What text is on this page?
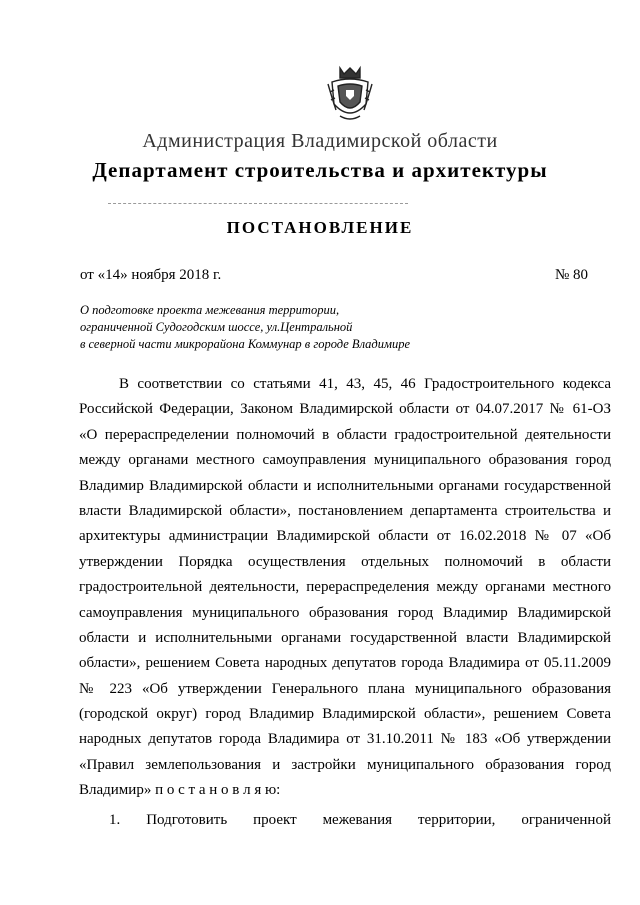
Администрация Владимирской области
Департамент строительства и архитектуры
ПОСТАНОВЛЕНИЕ
от «14» ноября 2018 г.	№ 80
О подготовке проекта межевания территории,
ограниченной Судогодским шоссе, ул.Центральной
в северной части микрорайона Коммунар в городе Владимире
В соответствии со статьями 41, 43, 45, 46 Градостроительного кодекса
Российской Федерации, Законом Владимирской области от 04.07.2017 № 61-ОЗ
«О перераспределении полномочий в области градостроительной деятельности
между органами местного самоуправления муниципального образования город
Владимир Владимирской области и исполнительными органами государственной
власти Владимирской области», постановлением департамента строительства и
архитектуры администрации Владимирской области от 16.02.2018 № 07 «Об
утверждении Порядка осуществления отдельных полномочий в области
градостроительной деятельности, перераспределения между органами местного
самоуправления муниципального образования город Владимир Владимирской
области и исполнительными органами государственной власти Владимирской
области», решением Совета народных депутатов города Владимира от 05.11.2009
№ 223 «Об утверждении Генерального плана муниципального образования
(городской округ) город Владимир Владимирской области», решением Совета
народных депутатов города Владимира от 31.10.2011 № 183 «Об утверждении
«Правил землепользования и застройки муниципального образования город
Владимир» п о с т а н о в л я ю:
1. Подготовить проект межевания территории, ограниченной
